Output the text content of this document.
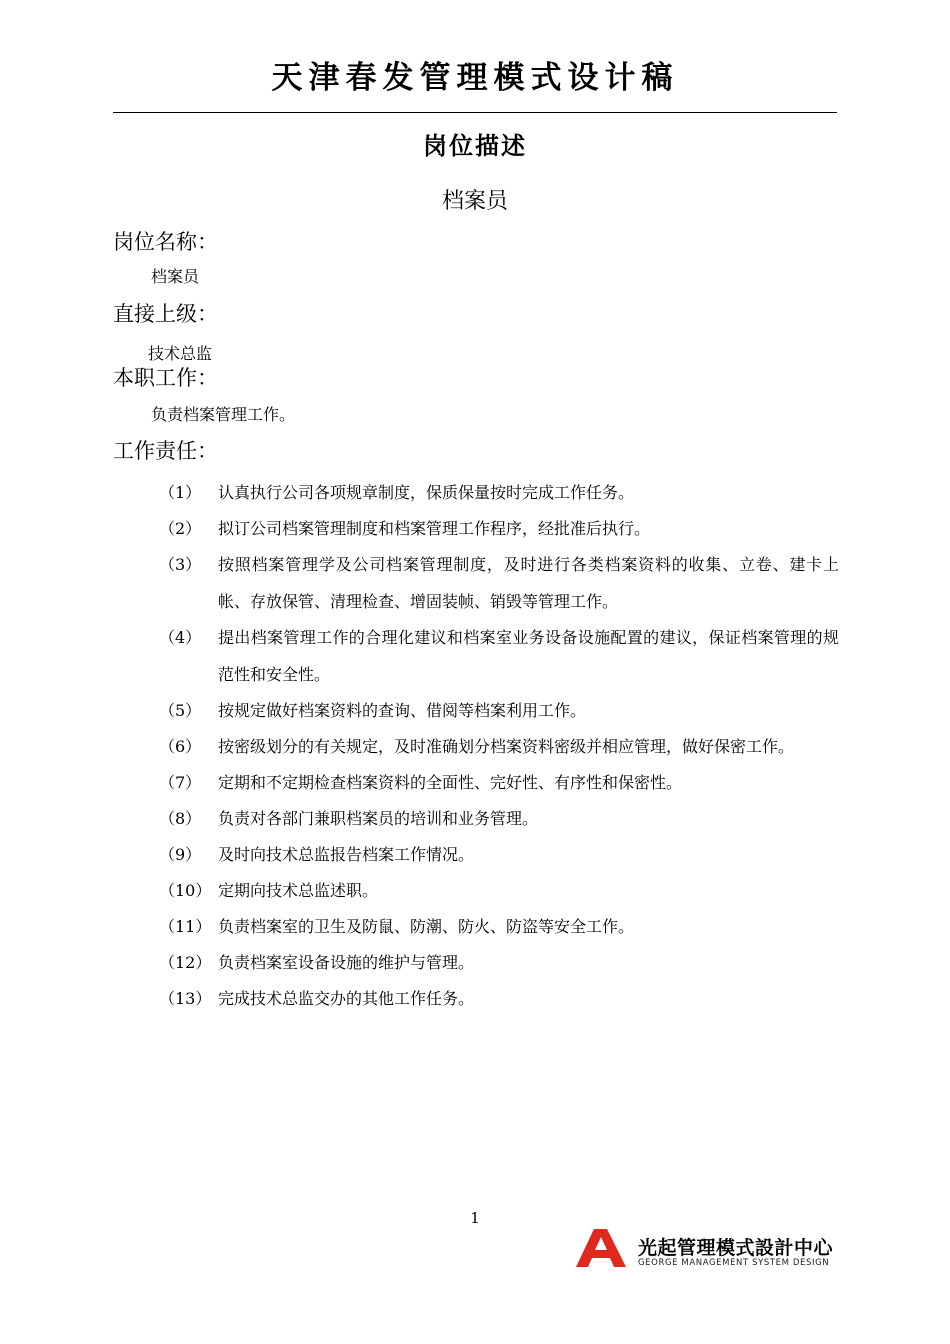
天津春发管理模式设计稿
岗位描述
档案员
岗位名称：
档案员
直接上级：
技术总监
本职工作：
负责档案管理工作。
工作责任：
（1）	认真执行公司各项规章制度，保质保量按时完成工作任务。
（2）	拟订公司档案管理制度和档案管理工作程序，经批准后执行。
（3）	按照档案管理学及公司档案管理制度，及时进行各类档案资料的收集、立卷、建卡上帐、存放保管、清理检查、增固装帧、销毁等管理工作。
（4）	提出档案管理工作的合理化建议和档案室业务设备设施配置的建议，保证档案管理的规范性和安全性。
（5）	按规定做好档案资料的查询、借阅等档案利用工作。
（6）	按密级划分的有关规定，及时准确划分档案资料密级并相应管理，做好保密工作。
（7）	定期和不定期检查档案资料的全面性、完好性、有序性和保密性。
（8）	负责对各部门兼职档案员的培训和业务管理。
（9）	及时向技术总监报告档案工作情况。
（10） 定期向技术总监述职。
（11） 负责档案室的卫生及防鼠、防潮、防火、防盗等安全工作。
（12） 负责档案室设备设施的维护与管理。
（13） 完成技术总监交办的其他工作任务。
1
光起管理模式設計中心
GEORGE MANAGEMENT SYSTEM DESIGN
